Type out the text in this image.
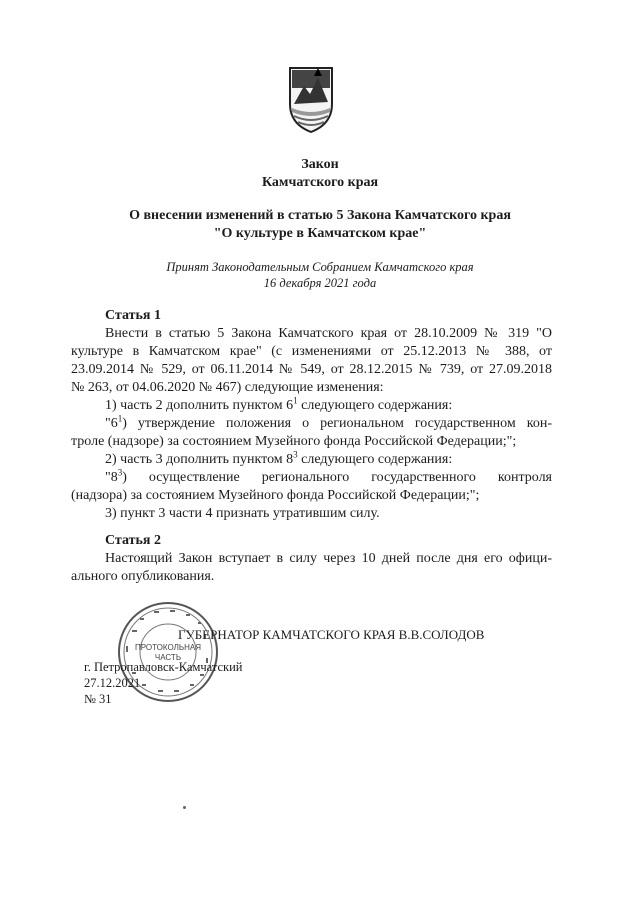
Закон
Камчатского края
О внесении изменений в статью 5 Закона Камчатского края
"О культуре в Камчатском крае"
Принят Законодательным Собранием Камчатского края
16 декабря 2021 года
Статья 1
Внести в статью 5 Закона Камчатского края от 28.10.2009 № 319 "О
культуре в Камчатском крае" (с изменениями от 25.12.2013 № 388, от
23.09.2014 № 529, от 06.11.2014 № 549, от 28.12.2015 № 739, от 27.09.2018
№ 263, от 04.06.2020 № 467) следующие изменения:
1) часть 2 дополнить пунктом $6^1$ следующего содержания:
"$6^1$) утверждение положения о региональном государственном кон-
троле (надзоре) за состоянием Музейного фонда Российской Федерации;";
2) часть 3 дополнить пунктом $8^3$ следующего содержания:
"$8^3$) осуществление регионального государственного контроля
(надзора) за состоянием Музейного фонда Российской Федерации;";
3) пункт 3 части 4 признать утратившим силу.
Статья 2
Настоящий Закон вступает в силу через 10 дней после дня его офици-
ального опубликования.
ПРОТОКОЛЬНАЯ
ЧАСТЬ
ГУБЕРНАТОР КАМЧАТСКОГО КРАЯ В.В.СОЛОДОВ
г. Петропавловск-Камчатский
27.12.2021
№ 31
